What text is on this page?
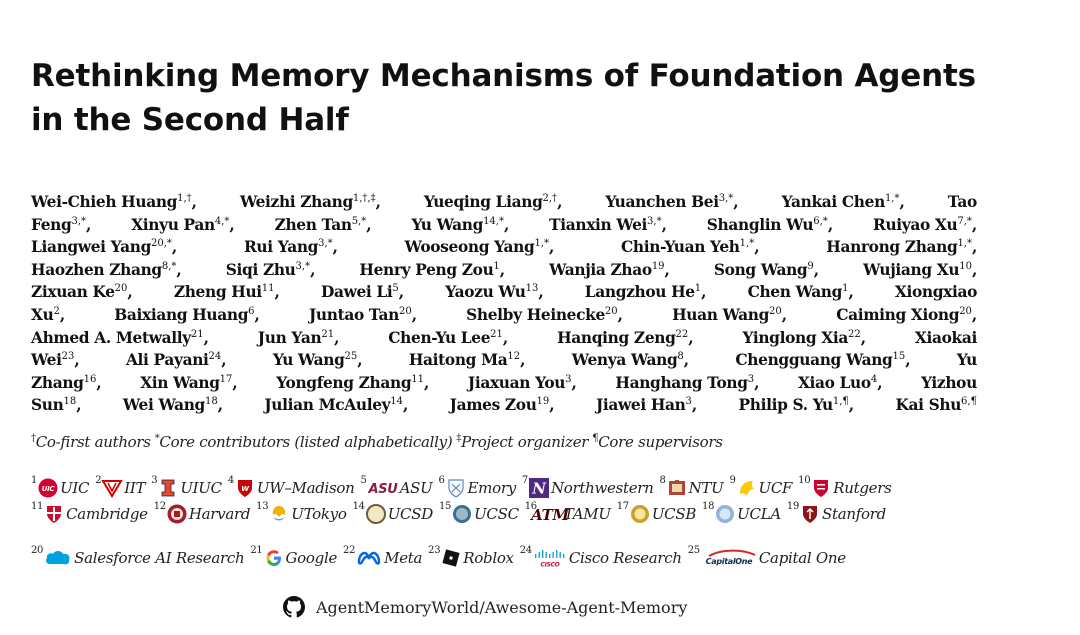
Rethinking Memory Mechanisms of Foundation Agents
in the Second Half
Wei-Chieh Huang$^{1,\dagger}$,	Weizhi Zhang$^{1,\dagger,\ddagger}$,	Yueqing Liang$^{2,\dagger}$,	Yuanchen Bei$^{3,*}$,	Yankai Chen$^{1,*}$,	Tao
Feng$^{3,*}$,	Xinyu Pan$^{4,*}$,	Zhen Tan$^{5,*}$,	Yu Wang$^{14,*}$,	Tianxin Wei$^{3,*}$,	Shanglin $Wu^{6,*}$,	Ruiyao $Xu^{7,*}$,
Liangwei Yang$^{20,*}$,	Rui Yang$^{3,*}$,	Wooseong Yang$^{1,*}$,	Chin-Yuan Yeh$^{1,*}$,	Hanrong Zhang$^{1,*}$,
Haozhen Zhang$^{8,*}$,	Siqi Zhu$^{3,*}$,	Henry Peng Zou$^1$,	Wanjia Zhao$^{19}$,	Song Wang$^9$,	Wujiang Xu$^{10}$,
Zixuan Ke$^{20}$,	Zheng Hui$^{11}$,	Dawei Li$^5$,	Yaozu Wu$^{13}$,	Langzhou He$^1$,	Chen Wang$^1$,	Xiongxiao
Xu$^2$,	Baixiang Huang$^6$,	Juntao Tan$^{20}$,	Shelby Heinecke$^{20}$,	Huan Wang$^{20}$,	Caiming Xiong$^{20}$,
Ahmed A. Metwally$^{21}$,	Jun Yan$^{21}$,	Chen-Yu Lee$^{21}$,	Hanqing Zeng$^{22}$,	Yinglong Xia$^{22}$,	Xiaokai
Wei$^{23}$,	Ali Payani$^{24}$,	Yu Wang$^{25}$,	Haitong Ma$^{12}$,	Wenya Wang$^8$,	Chengguang Wang$^{15}$,	Yu
Zhang$^{16}$,	Xin Wang$^{17}$,	Yongfeng Zhang$^{11}$,	Jiaxuan You$^3$,	Hanghang Tong$^3$,	Xiao Luo$^4$,	Yizhou
Sun$^{18}$,	Wei Wang$^{18}$,	Julian McAuley$^{14}$,	James Zou$^{19}$,	Jiawei Han$^3$,	Philip S. $Yu^{1,\P}$,	Kai Shu$^{6,\P}$
†Co-first authors *Core contributors (listed alphabetically) ‡Project organizer ¶Core supervisors
1
UIC UIC 2 IIT 3 UIUC 4
W UW–Madison 5
ASU ASU 6 Emory 7 N Northwestern 8 NTU 9 UCF 10 Rutgers
11 Cambridge 12 Harvard 13 UTokyo 14 UCSD 15 UCSC 16
ATM
TAMU 17 UCSB 18 UCLA 19 Stanford
20 Salesforce AI Research 21 Google 22 Meta 23 Roblox 24
CISCO Cisco Research 25
CapitalOne Capital One
AgentMemoryWorld/Awesome-Agent-Memory
